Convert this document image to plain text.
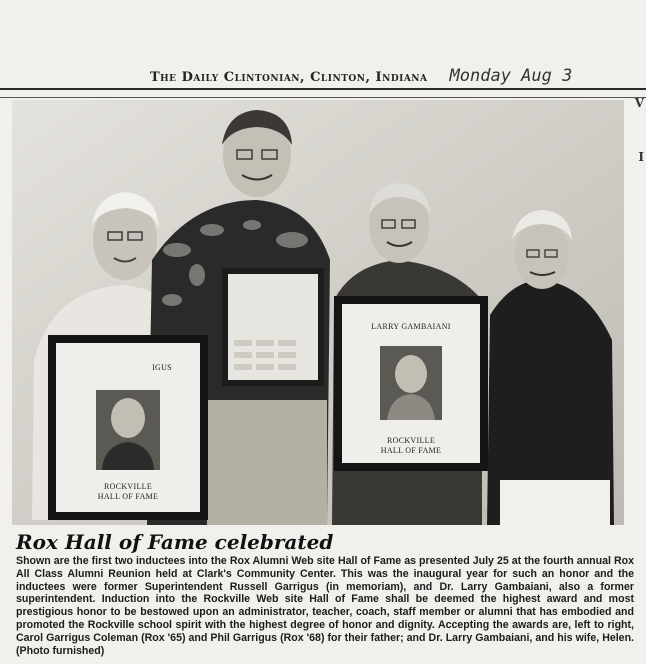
The Daily Clintonian, Clinton, Indiana Monday Aug 3
V
I
IGUS
ROCKVILLE
HALL OF FAME
LARRY GAMBAIANI
ROCKVILLE
HALL OF FAME
Rox Hall of Fame celebrated
Shown are the first two inductees into the Rox Alumni Web site Hall of Fame as presented July 25 at the fourth annual Rox All Class Alumni Reunion held at Clark's Community Center. This was the inaugural year for such an honor and the inductees were former Superintendent Russell Garrigus (in memoriam), and Dr. Larry Gambaiani, also a former superintendent. Induction into the Rockville Web site Hall of Fame shall be deemed the highest award and most prestigious honor to be bestowed upon an administrator, teacher, coach, staff member or alumni that has embodied and promoted the Rockville school spirit with the highest degree of honor and dignity. Accepting the awards are, left to right, Carol Garrigus Coleman (Rox '65) and Phil Garrigus (Rox '68) for their father; and Dr. Larry Gambaiani, and his wife, Helen. (Photo furnished)
